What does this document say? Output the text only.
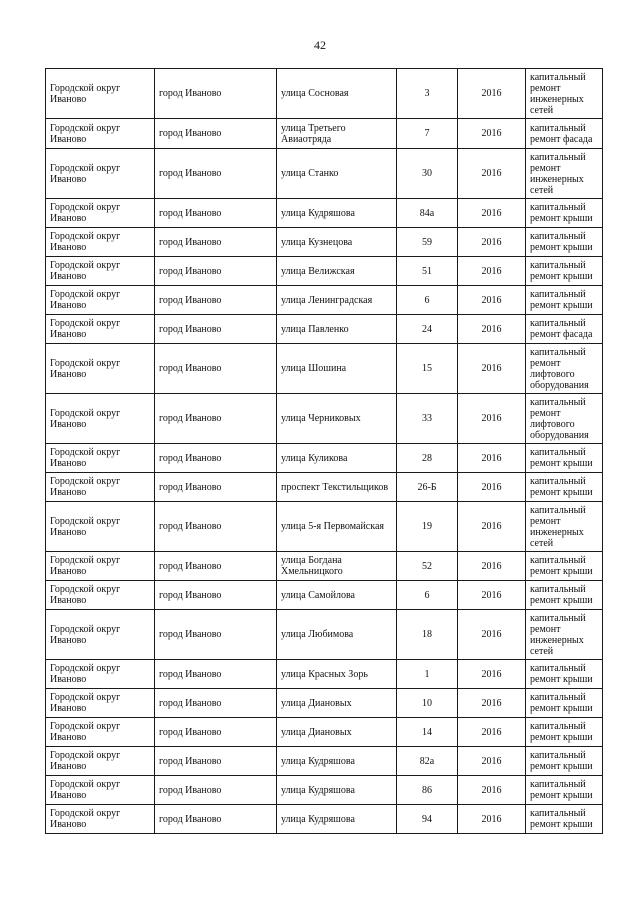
42
Городской округ Иваново	город Иваново	улица Сосновая	3	2016	капитальный ремонт инженерных сетей
Городской округ Иваново	город Иваново	улица Третьего Авиаотряда	7	2016	капитальный ремонт фасада
Городской округ Иваново	город Иваново	улица Станко	30	2016	капитальный ремонт инженерных сетей
Городской округ Иваново	город Иваново	улица Кудряшова	84а	2016	капитальный ремонт крыши
Городской округ Иваново	город Иваново	улица Кузнецова	59	2016	капитальный ремонт крыши
Городской округ Иваново	город Иваново	улица Велижская	51	2016	капитальный ремонт крыши
Городской округ Иваново	город Иваново	улица Ленинградская	6	2016	капитальный ремонт крыши
Городской округ Иваново	город Иваново	улица Павленко	24	2016	капитальный ремонт фасада
Городской округ Иваново	город Иваново	улица Шошина	15	2016	капитальный ремонт лифтового оборудования
Городской округ Иваново	город Иваново	улица Черниковых	33	2016	капитальный ремонт лифтового оборудования
Городской округ Иваново	город Иваново	улица Куликова	28	2016	капитальный ремонт крыши
Городской округ Иваново	город Иваново	проспект Текстильщиков	26-Б	2016	капитальный ремонт крыши
Городской округ Иваново	город Иваново	улица 5-я Первомайская	19	2016	капитальный ремонт инженерных сетей
Городской округ Иваново	город Иваново	улица Богдана Хмельницкого	52	2016	капитальный ремонт крыши
Городской округ Иваново	город Иваново	улица Самойлова	6	2016	капитальный ремонт крыши
Городской округ Иваново	город Иваново	улица Любимова	18	2016	капитальный ремонт инженерных сетей
Городской округ Иваново	город Иваново	улица Красных Зорь	1	2016	капитальный ремонт крыши
Городской округ Иваново	город Иваново	улица Диановых	10	2016	капитальный ремонт крыши
Городской округ Иваново	город Иваново	улица Диановых	14	2016	капитальный ремонт крыши
Городской округ Иваново	город Иваново	улица Кудряшова	82а	2016	капитальный ремонт крыши
Городской округ Иваново	город Иваново	улица Кудряшова	86	2016	капитальный ремонт крыши
Городской округ Иваново	город Иваново	улица Кудряшова	94	2016	капитальный ремонт крыши
